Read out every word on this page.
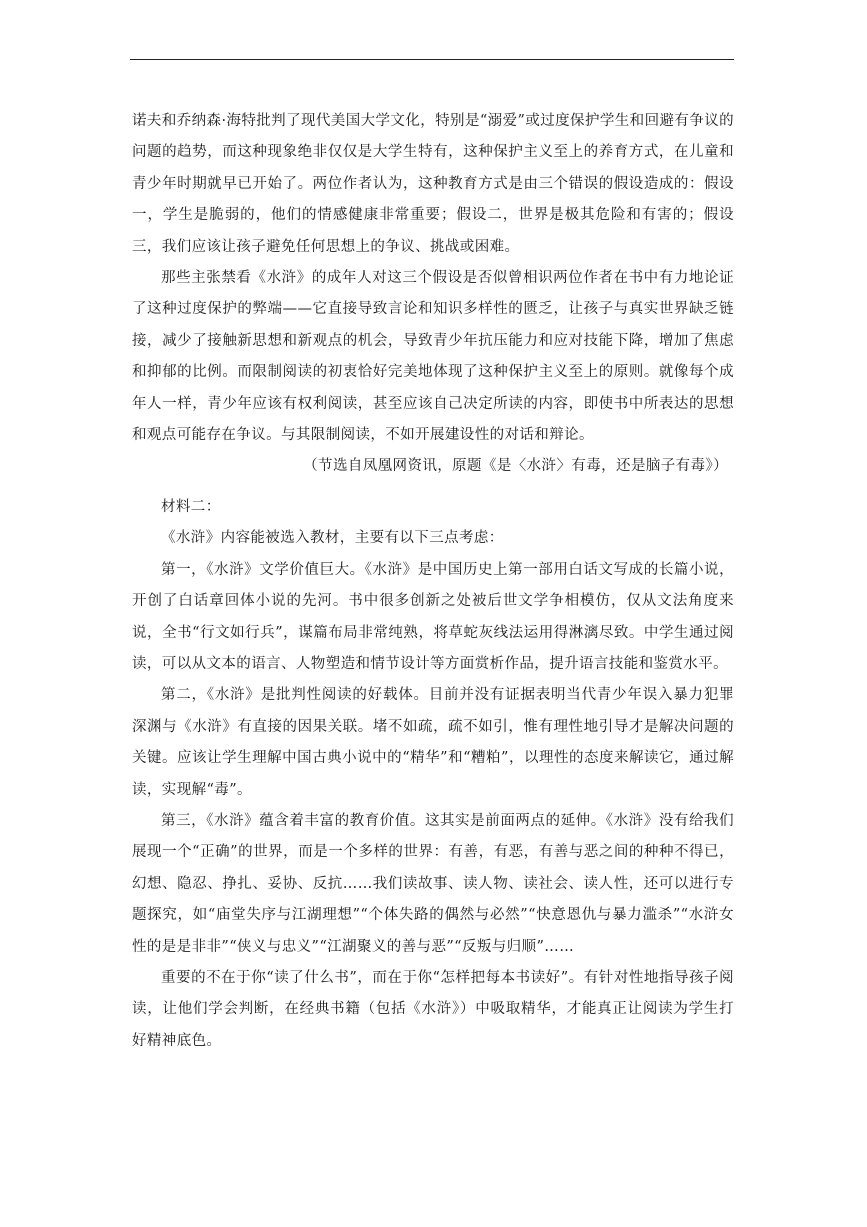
诺夫和乔纳森·海特批判了现代美国大学文化，特别是“溺爱”或过度保护学生和回避有争议的问题的趋势，而这种现象绝非仅仅是大学生特有，这种保护主义至上的养育方式，在儿童和青少年时期就早已开始了。两位作者认为，这种教育方式是由三个错误的假设造成的：假设一，学生是脆弱的，他们的情感健康非常重要；假设二，世界是极其危险和有害的；假设三，我们应该让孩子避免任何思想上的争议、挑战或困难。

那些主张禁看《水浒》的成年人对这三个假设是否似曾相识两位作者在书中有力地论证了这种过度保护的弊端——它直接导致言论和知识多样性的匮乏，让孩子与真实世界缺乏链接，减少了接触新思想和新观点的机会，导致青少年抗压能力和应对技能下降，增加了焦虑和抑郁的比例。而限制阅读的初衷恰好完美地体现了这种保护主义至上的原则。就像每个成年人一样，青少年应该有权利阅读，甚至应该自己决定所读的内容，即使书中所表达的思想和观点可能存在争议。与其限制阅读，不如开展建设性的对话和辩论。

（节选自凤凰网资讯，原题《是〈水浒〉有毒，还是脑子有毒》）

材料二：

《水浒》内容能被选入教材，主要有以下三点考虑：

第一，《水浒》文学价值巨大。《水浒》是中国历史上第一部用白话文写成的长篇小说，开创了白话章回体小说的先河。书中很多创新之处被后世文学争相模仿，仅从文法角度来说，全书“行文如行兵”，谋篇布局非常纯熟，将草蛇灰线法运用得淋漓尽致。中学生通过阅读，可以从文本的语言、人物塑造和情节设计等方面赏析作品，提升语言技能和鉴赏水平。

第二，《水浒》是批判性阅读的好载体。目前并没有证据表明当代青少年误入暴力犯罪深渊与《水浒》有直接的因果关联。堵不如疏，疏不如引，惟有理性地引导才是解决问题的关键。应该让学生理解中国古典小说中的“精华”和“糟粕”，以理性的态度来解读它，通过解读，实现解“毒”。

第三，《水浒》蕴含着丰富的教育价值。这其实是前面两点的延伸。《水浒》没有给我们展现一个“正确”的世界，而是一个多样的世界：有善，有恶，有善与恶之间的种种不得已，幻想、隐忍、挣扎、妥协、反抗……我们读故事、读人物、读社会、读人性，还可以进行专题探究，如“庙堂失序与江湖理想”“个体失路的偶然与必然”“快意恩仇与暴力滥杀”“水浒女性的是是非非”“侠义与忠义”“江湖聚义的善与恶”“反叛与归顺”……

重要的不在于你“读了什么书”，而在于你“怎样把每本书读好”。有针对性地指导孩子阅读，让他们学会判断，在经典书籍（包括《水浒》）中吸取精华，才能真正让阅读为学生打好精神底色。
